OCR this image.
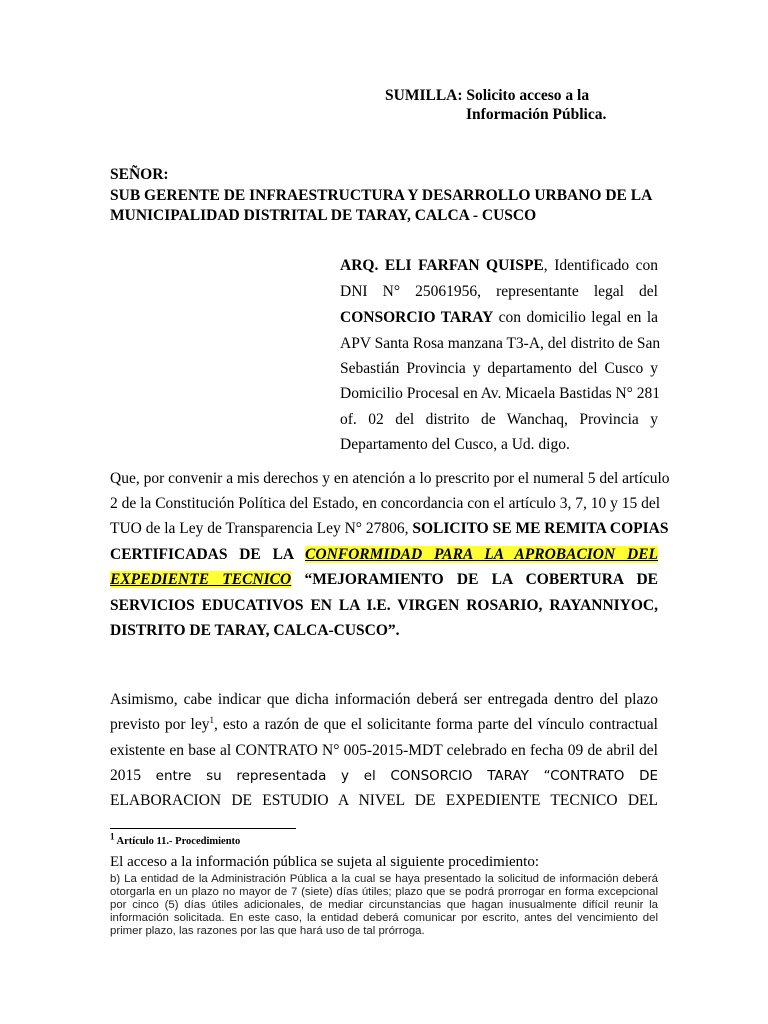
SUMILLA: Solicito acceso a la
Información Pública.
SEÑOR:
SUB GERENTE DE INFRAESTRUCTURA Y DESARROLLO URBANO DE LA
MUNICIPALIDAD DISTRITAL DE TARAY, CALCA - CUSCO
ARQ. ELI FARFAN QUISPE, Identificado con
DNI N° 25061956, representante legal del
CONSORCIO TARAY con domicilio legal en la
APV Santa Rosa manzana T3-A, del distrito de San
Sebastián Provincia y departamento del Cusco y
Domicilio Procesal en Av. Micaela Bastidas N° 281
of. 02 del distrito de Wanchaq, Provincia y
Departamento del Cusco, a Ud. digo.
Que, por convenir a mis derechos y en atención a lo prescrito por el numeral 5 del artículo
2 de la Constitución Política del Estado, en concordancia con el artículo 3, 7, 10 y 15 del
TUO de la Ley de Transparencia Ley N° 27806, SOLICITO SE ME REMITA COPIAS
CERTIFICADAS DE LA CONFORMIDAD PARA LA APROBACION DEL
EXPEDIENTE TECNICO “MEJORAMIENTO DE LA COBERTURA DE
SERVICIOS EDUCATIVOS EN LA I.E. VIRGEN ROSARIO, RAYANNIYOC,
DISTRITO DE TARAY, CALCA-CUSCO”.
Asimismo, cabe indicar que dicha información deberá ser entregada dentro del plazo
previsto por ley$^1$, esto a razón de que el solicitante forma parte del vínculo contractual
existente en base al CONTRATO N° 005-2015-MDT celebrado en fecha 09 de abril del
2015 entre su representada y el CONSORCIO TARAY “CONTRATO DE
ELABORACION DE ESTUDIO A NIVEL DE EXPEDIENTE TECNICO DEL
$^1$ Artículo 11.- Procedimiento
El acceso a la información pública se sujeta al siguiente procedimiento:
b) La entidad de la Administración Pública a la cual se haya presentado la solicitud de información deberá
otorgarla en un plazo no mayor de 7 (siete) días útiles; plazo que se podrá prorrogar en forma excepcional
por cinco (5) días útiles adicionales, de mediar circunstancias que hagan inusualmente difícil reunir la
información solicitada. En este caso, la entidad deberá comunicar por escrito, antes del vencimiento del
primer plazo, las razones por las que hará uso de tal prórroga.
